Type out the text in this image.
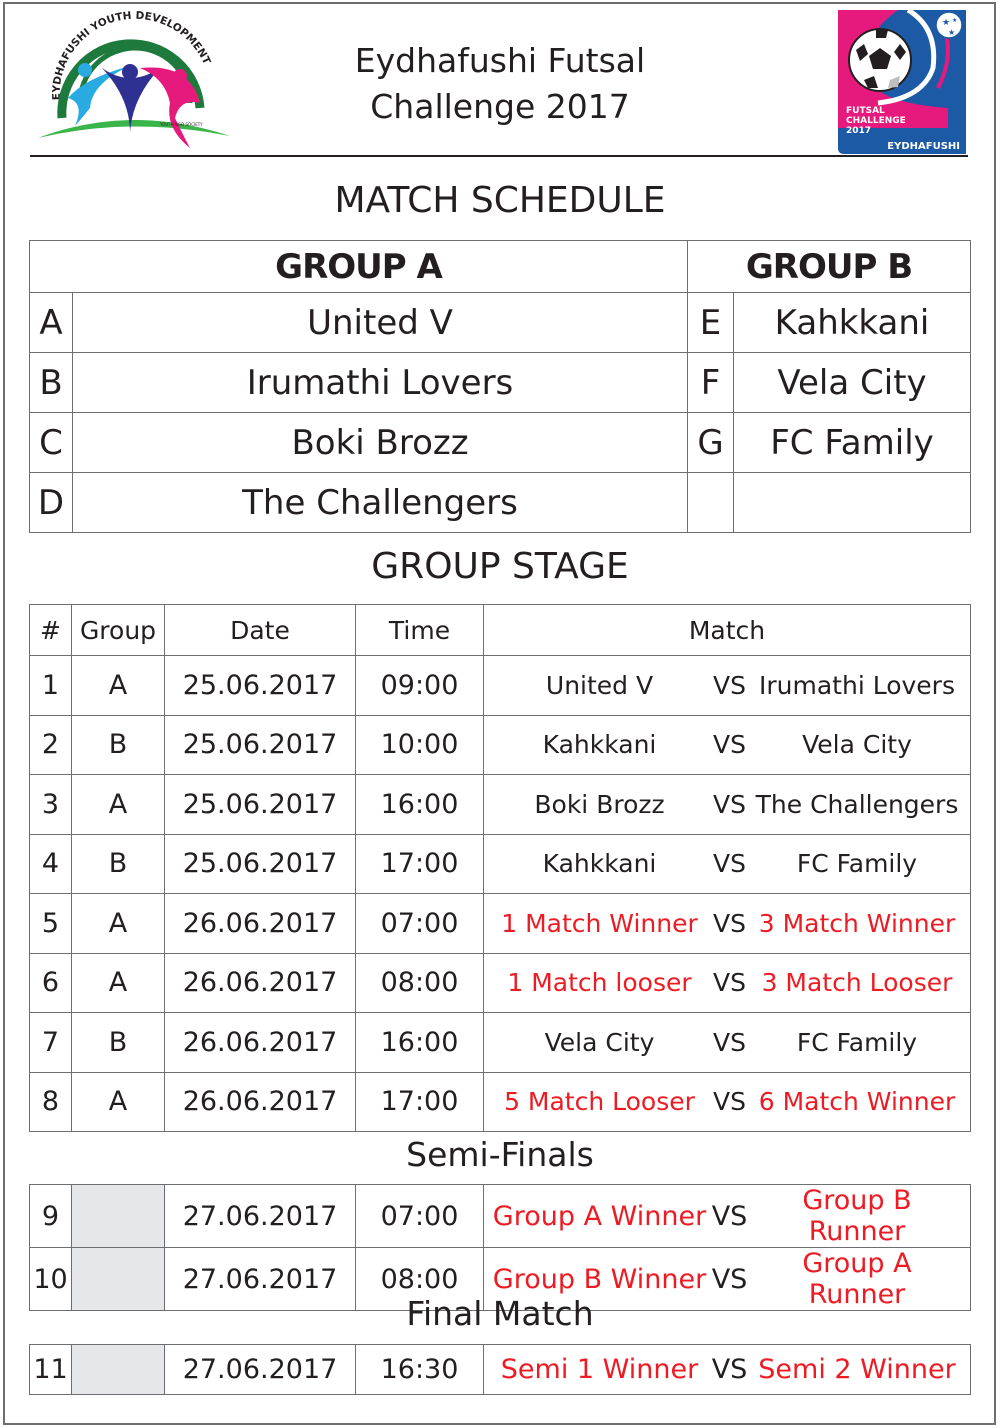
EYDHAFUSHI YOUTH DEVELOPMENT
YOUTH NGO SOCIETY
Eydhafushi Futsal
Challenge 2017
★
★
★
FUTSAL
CHALLENGE
2017
EYDHAFUSHI
MATCH SCHEDULE
GROUP A		GROUP B	
A	United V	E	Kahkkani
B	Irumathi Lovers	F	Vela City
C	Boki Brozz	G	FC Family
D	The Challengers		
GROUP STAGE
#	Group	Date	Time	Match
1	A	25.06.2017	09:00	United V VS Irumathi Lovers

2	B	25.06.2017	10:00	Kahkkani VS Vela City

3	A	25.06.2017	16:00	Boki Brozz VS The Challengers

4	B	25.06.2017	17:00	Kahkkani VS FC Family

5	A	26.06.2017	07:00	1 Match Winner VS 3 Match Winner

6	A	26.06.2017	08:00	1 Match looser VS 3 Match Looser

7	B	26.06.2017	16:00	Vela City VS FC Family

8	A	26.06.2017	17:00	5 Match Looser VS 6 Match Winner
Semi-Finals
9		27.06.2017	07:00	Group A Winner VS Group B Runner

10		27.06.2017	08:00	Group B Winner VS Group A Runner
Final Match
11		27.06.2017	16:30	Semi 1 Winner VS Semi 2 Winner
